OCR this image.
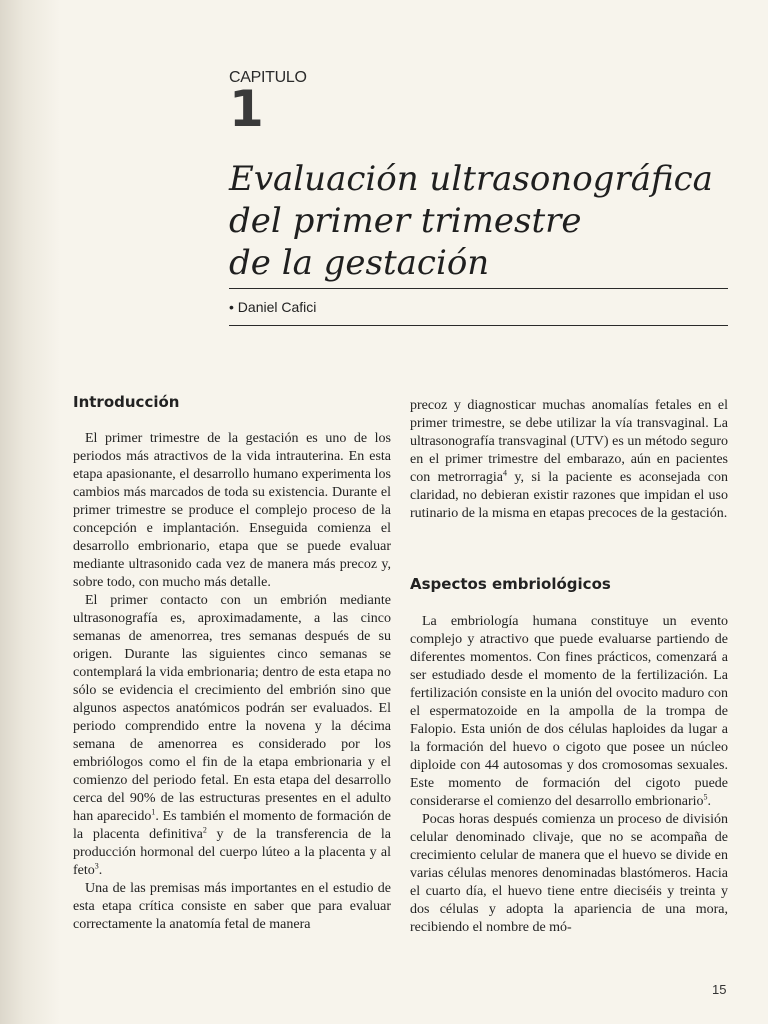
CAPITULO
1
Evaluación ultrasonográfica
del primer trimestre
de la gestación
• Daniel Cafici
Introducción

El primer trimestre de la gestación es uno de los periodos más atractivos de la vida intrauterina. En esta etapa apasionante, el desarrollo humano experimenta los cambios más marcados de toda su existencia. Durante el primer trimestre se produce el complejo proceso de la concepción e implantación. Enseguida comienza el desarrollo embrionario, etapa que se puede evaluar mediante ultrasonido cada vez de manera más precoz y, sobre todo, con mucho más detalle.

El primer contacto con un embrión mediante ultrasonografía es, aproximadamente, a las cinco semanas de amenorrea, tres semanas después de su origen. Durante las siguientes cinco semanas se contemplará la vida embrionaria; dentro de esta etapa no sólo se evidencia el crecimiento del embrión sino que algunos aspectos anatómicos podrán ser evaluados. El periodo comprendido entre la novena y la décima semana de amenorrea es considerado por los embriólogos como el fin de la etapa embrionaria y el comienzo del periodo fetal. En esta etapa del desarrollo cerca del 90% de las estructuras presentes en el adulto han aparecido$^1$. Es también el momento de formación de la placenta definitiva$^2$ y de la transferencia de la producción hormonal del cuerpo lúteo a la placenta y al feto$^3$.

Una de las premisas más importantes en el estudio de esta etapa crítica consiste en saber que para evaluar correctamente la anatomía fetal de manera

precoz y diagnosticar muchas anomalías fetales en el primer trimestre, se debe utilizar la vía transvaginal. La ultrasonografía transvaginal (UTV) es un método seguro en el primer trimestre del embarazo, aún en pacientes con metrorragia$^4$ y, si la paciente es aconsejada con claridad, no debieran existir razones que impidan el uso rutinario de la misma en etapas precoces de la gestación.

Aspectos embriológicos

La embriología humana constituye un evento complejo y atractivo que puede evaluarse partiendo de diferentes momentos. Con fines prácticos, comenzará a ser estudiado desde el momento de la fertilización. La fertilización consiste en la unión del ovocito maduro con el espermatozoide en la ampolla de la trompa de Falopio. Esta unión de dos células haploides da lugar a la formación del huevo o cigoto que posee un núcleo diploide con 44 autosomas y dos cromosomas sexuales. Este momento de formación del cigoto puede considerarse el comienzo del desarrollo embrionario$^5$.

Pocas horas después comienza un proceso de división celular denominado clivaje, que no se acompaña de crecimiento celular de manera que el huevo se divide en varias células menores denominadas blastómeros. Hacia el cuarto día, el huevo tiene entre dieciséis y treinta y dos células y adopta la apariencia de una mora, recibiendo el nombre de mó-

15
